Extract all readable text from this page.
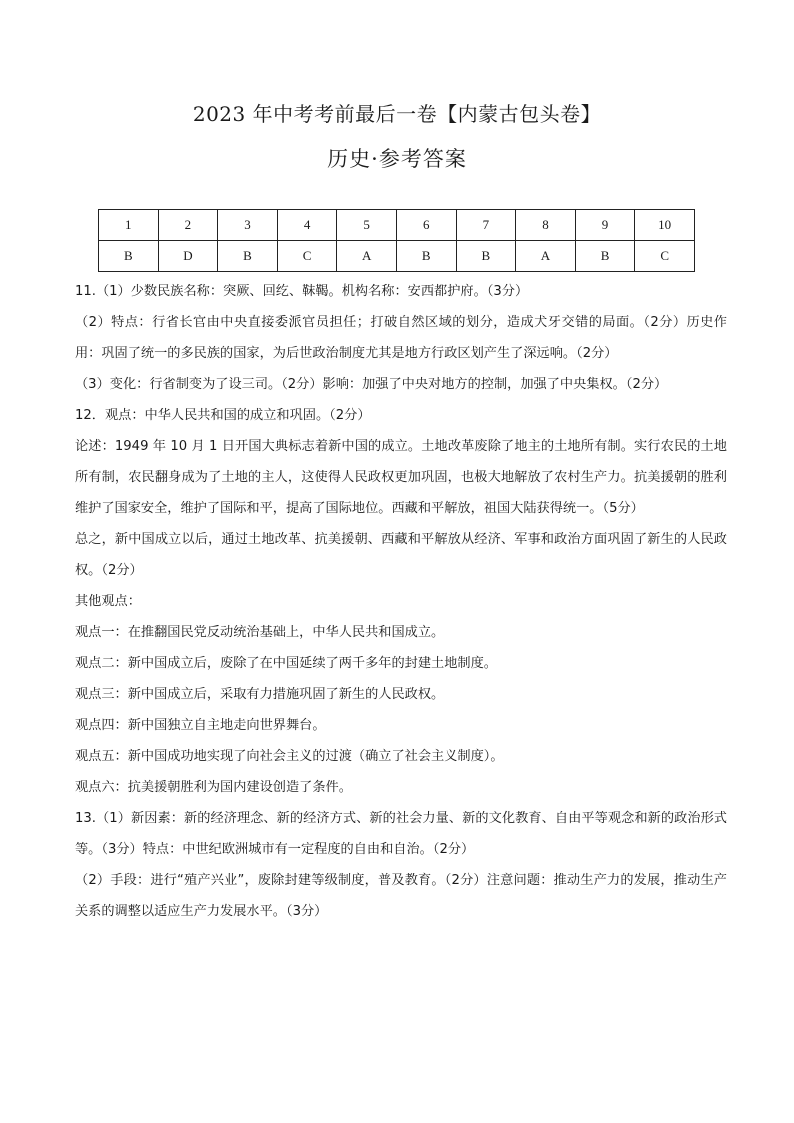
2023 年中考考前最后一卷【内蒙古包头卷】
历史·参考答案
1	2	3	4	5	6	7	8	9	10
B	D	B	C	A	B	B	A	B	C

11.（1）少数民族名称：突厥、回纥、靺鞨。机构名称：安西都护府。（3分）

（2）特点：行省长官由中央直接委派官员担任；打破自然区域的划分，造成犬牙交错的局面。（2分）历史作用：巩固了统一的多民族的国家，为后世政治制度尤其是地方行政区划产生了深远响。（2分）

（3）变化：行省制变为了设三司。（2分）影响：加强了中央对地方的控制，加强了中央集权。（2分）

12．观点：中华人民共和国的成立和巩固。（2分）

论述：1949 年 10 月 1 日开国大典标志着新中国的成立。土地改革废除了地主的土地所有制。实行农民的土地所有制，农民翻身成为了土地的主人，这使得人民政权更加巩固，也极大地解放了农村生产力。抗美援朝的胜利维护了国家安全，维护了国际和平，提高了国际地位。西藏和平解放，祖国大陆获得统一。（5分）

总之，新中国成立以后，通过土地改革、抗美援朝、西藏和平解放从经济、军事和政治方面巩固了新生的人民政权。（2分）

其他观点：

观点一：在推翻国民党反动统治基础上，中华人民共和国成立。

观点二：新中国成立后，废除了在中国延续了两千多年的封建土地制度。

观点三：新中国成立后，采取有力措施巩固了新生的人民政权。

观点四：新中国独立自主地走向世界舞台。

观点五：新中国成功地实现了向社会主义的过渡（确立了社会主义制度）。

观点六：抗美援朝胜利为国内建设创造了条件。

13.（1）新因素：新的经济理念、新的经济方式、新的社会力量、新的文化教育、自由平等观念和新的政治形式等。（3分）特点：中世纪欧洲城市有一定程度的自由和自治。（2分）

（2）手段：进行“殖产兴业”，废除封建等级制度，普及教育。（2分）注意问题：推动生产力的发展，推动生产关系的调整以适应生产力发展水平。（3分）
